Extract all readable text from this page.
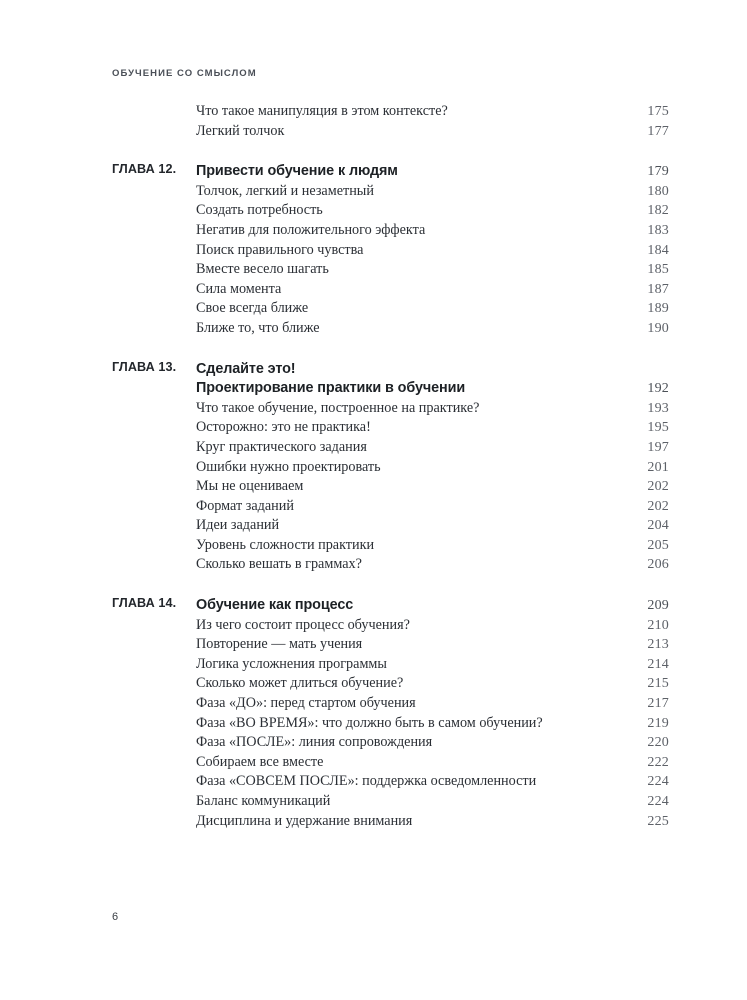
ОБУЧЕНИЕ СО СМЫСЛОМ
Что такое манипуляция в этом контексте?	175
Легкий толчок	177
ГЛАВА 12.	Привести обучение к людям	179
Толчок, легкий и незаметный	180
Создать потребность	182
Негатив для положительного эффекта	183
Поиск правильного чувства	184
Вместе весело шагать	185
Сила момента	187
Свое всегда ближе	189
Ближе то, что ближе	190
ГЛАВА 13.	Сделайте это!
Проектирование практики в обучении	192
Что такое обучение, построенное на практике?	193
Осторожно: это не практика!	195
Круг практического задания	197
Ошибки нужно проектировать	201
Мы не оцениваем	202
Формат заданий	202
Идеи заданий	204
Уровень сложности практики	205
Сколько вешать в граммах?	206
ГЛАВА 14.	Обучение как процесс	209
Из чего состоит процесс обучения?	210
Повторение — мать учения	213
Логика усложнения программы	214
Сколько может длиться обучение?	215
Фаза «ДО»: перед стартом обучения	217
Фаза «ВО ВРЕМЯ»: что должно быть в самом обучении?	219
Фаза «ПОСЛЕ»: линия сопровождения	220
Собираем все вместе	222
Фаза «СОВСЕМ ПОСЛЕ»: поддержка осведомленности	224
Баланс коммуникаций	224
Дисциплина и удержание внимания	225
6
